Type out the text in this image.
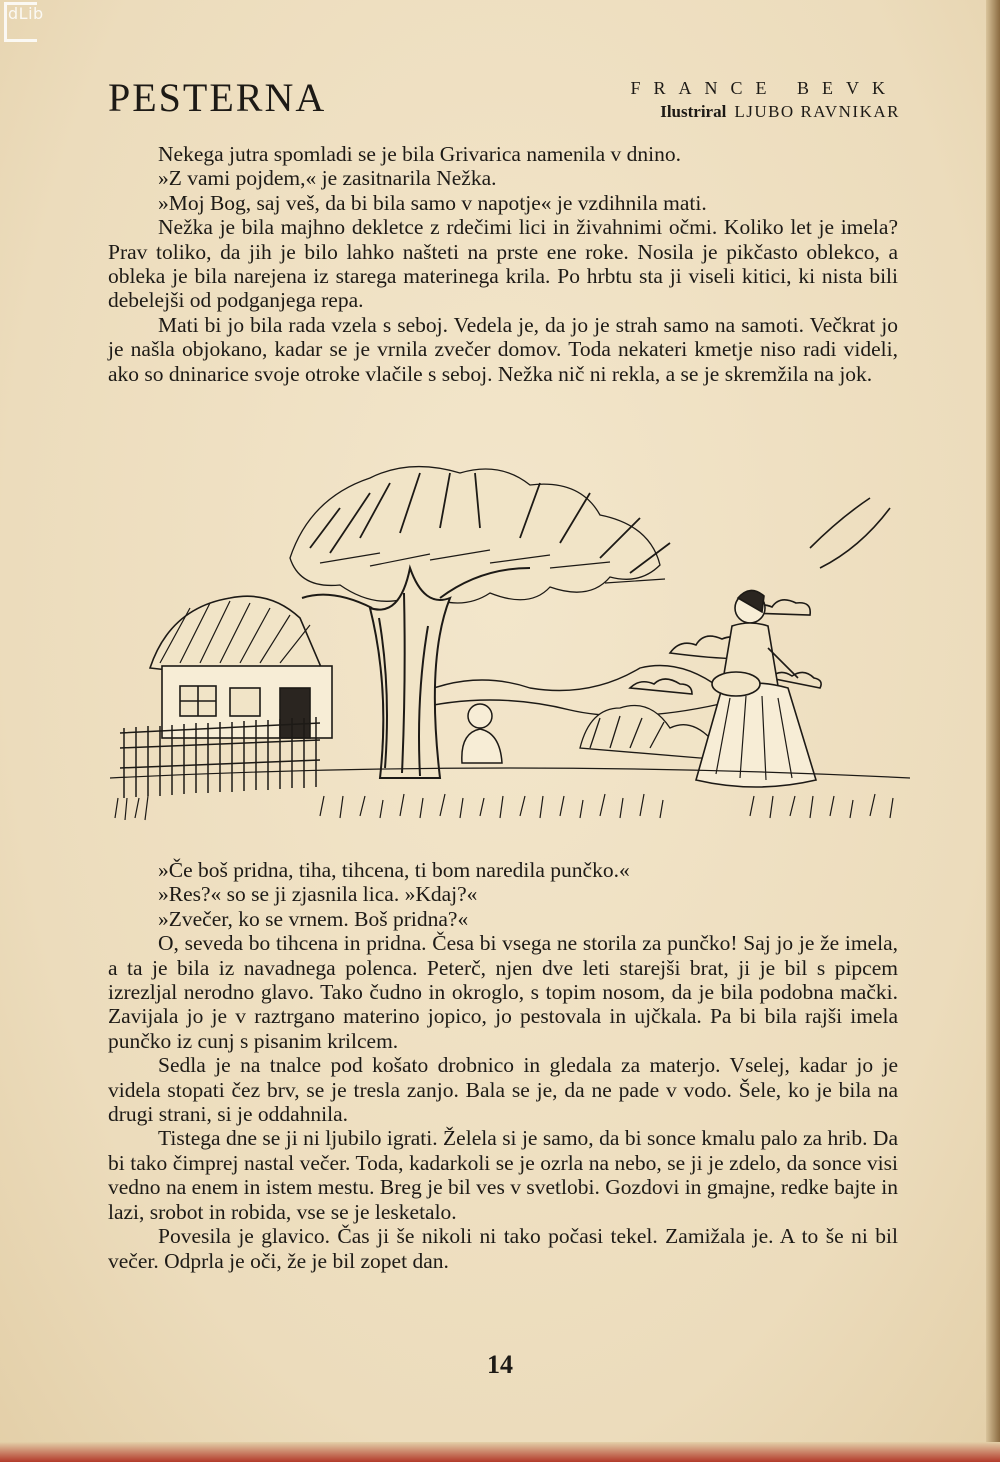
dLib
PESTERNA	FRANCE BEVK

Ilustriral LJUBO RAVNIKAR

Nekega jutra spomladi se je bila Grivarica namenila v dnino.

»Z vami pojdem,« je zasitnarila Nežka.

»Moj Bog, saj veš, da bi bila samo v napotje« je vzdihnila mati.

Nežka je bila majhno dekletce z rdečimi lici in živahnimi očmi. Koliko let je imela? Prav toliko, da jih je bilo lahko našteti na prste ene roke. Nosila je pikčasto oblekco, a obleka je bila narejena iz starega materinega krila. Po hrbtu sta ji viseli kitici, ki nista bili debelejši od podganjega repa.

Mati bi jo bila rada vzela s seboj. Vedela je, da jo je strah samo na samoti. Večkrat jo je našla objokano, kadar se je vrnila zvečer domov. Toda nekateri kmetje niso radi videli, ako so dninarice svoje otroke vlačile s seboj. Nežka nič ni rekla, a se je skremžila na jok.

»Če boš pridna, tiha, tihcena, ti bom naredila punčko.«

»Res?« so se ji zjasnila lica. »Kdaj?«

»Zvečer, ko se vrnem. Boš pridna?«

O, seveda bo tihcena in pridna. Česa bi vsega ne storila za punčko! Saj jo je že imela, a ta je bila iz navadnega polenca. Peterč, njen dve leti starejši brat, ji je bil s pipcem izrezljal nerodno glavo. Tako čudno in okroglo, s topim nosom, da je bila podobna mački. Zavijala jo je v raztrgano materino jopico, jo pestovala in ujčkala. Pa bi bila rajši imela punčko iz cunj s pisanim krilcem.

Sedla je na tnalce pod košato drobnico in gledala za materjo. Vselej, kadar jo je videla stopati čez brv, se je tresla zanjo. Bala se je, da ne pade v vodo. Šele, ko je bila na drugi strani, si je oddahnila.

Tistega dne se ji ni ljubilo igrati. Želela si je samo, da bi sonce kmalu palo za hrib. Da bi tako čimprej nastal večer. Toda, kadarkoli se je ozrla na nebo, se ji je zdelo, da sonce visi vedno na enem in istem mestu. Breg je bil ves v svetlobi. Gozdovi in gmajne, redke bajte in lazi, srobot in robida, vse se je lesketalo.

Povesila je glavico. Čas ji še nikoli ni tako počasi tekel. Zamižala je. A to še ni bil večer. Odprla je oči, že je bil zopet dan.

14
